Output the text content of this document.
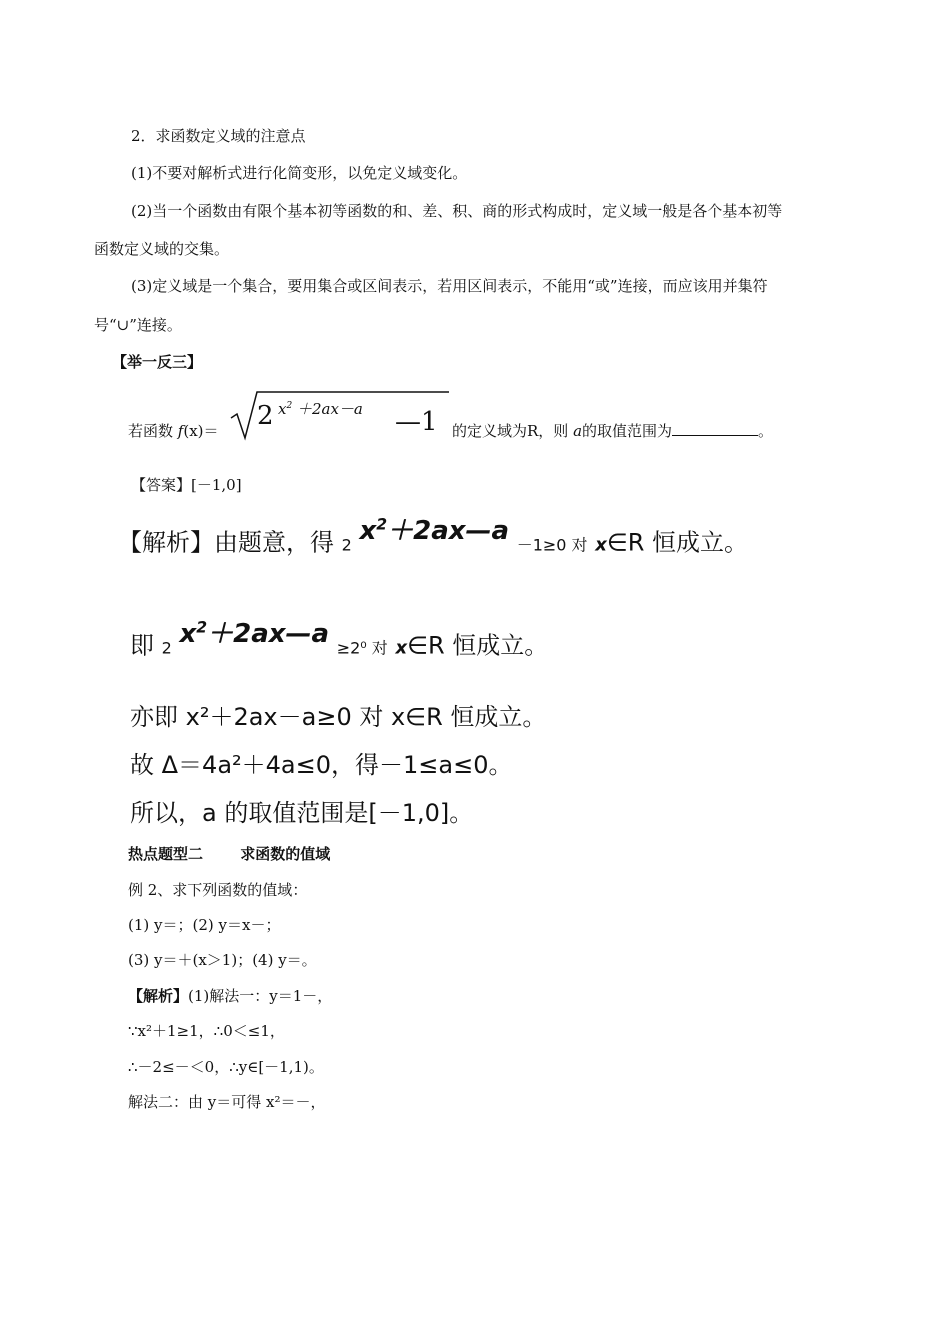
2．求函数定义域的注意点
(1)不要对解析式进行化简变形，以免定义域变化。
(2)当一个函数由有限个基本初等函数的和、差、积、商的形式构成时，定义域一般是各个基本初等
函数定义域的交集。
(3)定义域是一个集合，要用集合或区间表示，若用区间表示，不能用“或”连接，而应该用并集符
号“∪”连接。
【举一反三】
若函数 f(x)＝ 2 $x^2 +2ax-a$ —1 的定义域为R，则 a的取值范围为	。
【答案】[－1,0]
【解析】由题意，得 2 $x^2+2ax—a -1\ge 0$ 对 x∈R 恒成立。
即 2 $x^2+2ax—a \ge 2^0$ 对 x∈R 恒成立。
亦即 x²＋2ax－a≥0 对 x∈R 恒成立。
故 Δ＝4a²＋4a≤0，得－1≤a≤0。
所以，a 的取值范围是[－1,0]。
热点题型二 求函数的值域
例 2、求下列函数的值域：
(1) y＝；(2) y＝x－；
(3) y＝＋(x＞1)；(4) y＝。
【解析】(1)解法一：y＝1－，
∵x²＋1≥1，∴0＜≤1，
∴－2≤－＜0，∴y∈[－1,1)。
解法二：由 y＝可得 x²＝－，
